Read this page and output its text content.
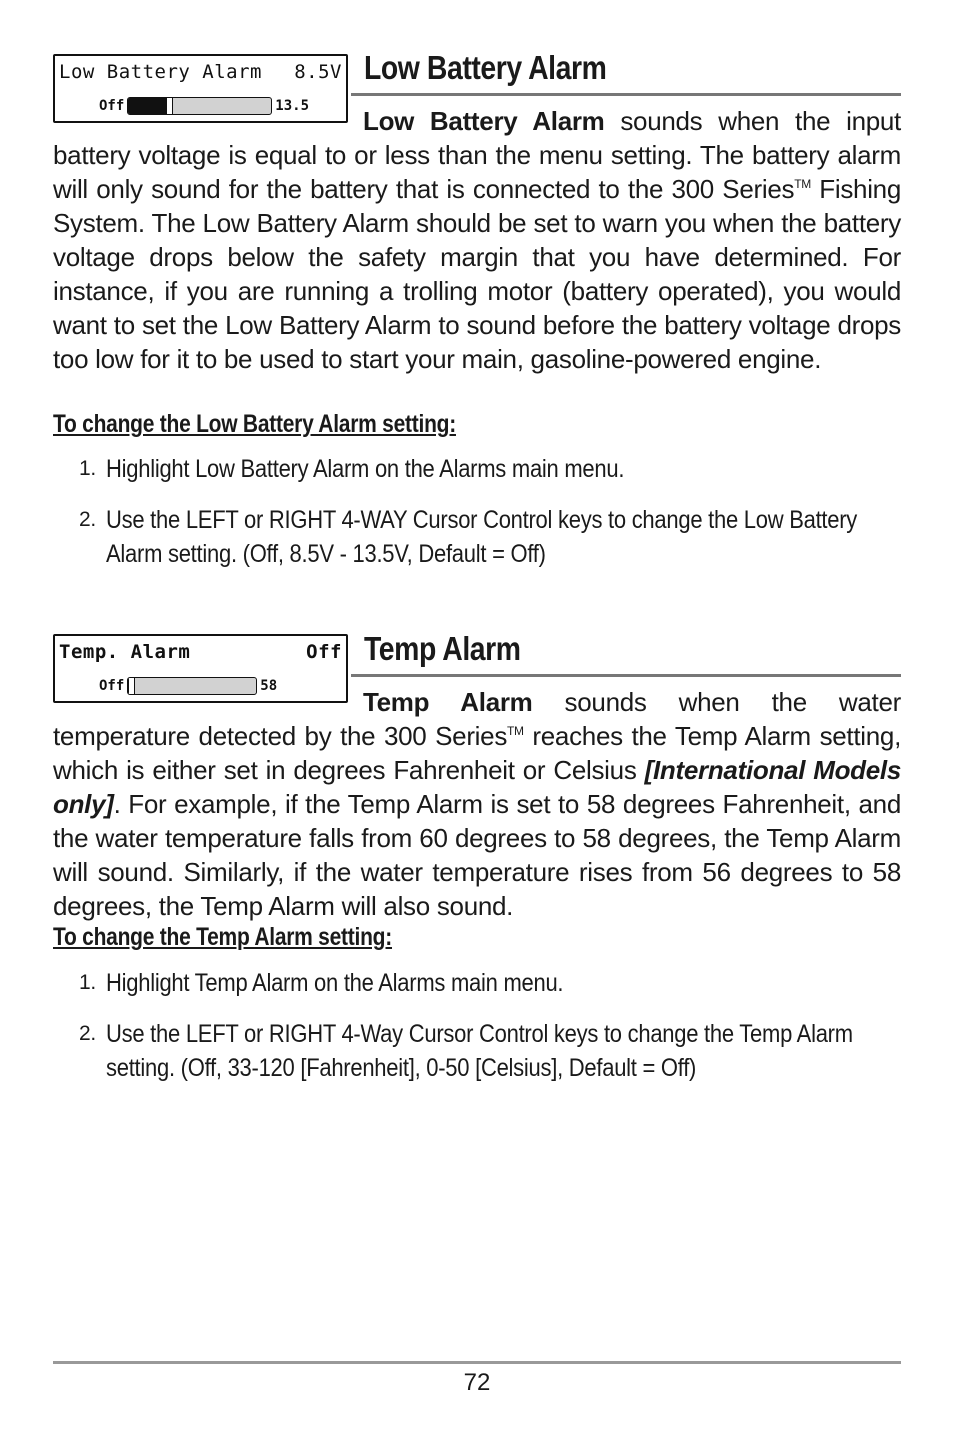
Low Battery Alarm 8.5V
Off	13.5
Low Battery Alarm

Low Battery Alarm sounds when the input battery voltage is equal to or less than the menu setting. The battery alarm will only sound for the battery that is connected to the 300 Series™ Fishing System. The Low Battery Alarm should be set to warn you when the battery voltage drops below the safety margin that you have determined. For instance, if you are running a trolling motor (battery operated), you would want to set the Low Battery Alarm to sound before the battery voltage drops too low for it to be used to start your main, gasoline-powered engine.

To change the Low Battery Alarm setting:
1. Highlight Low Battery Alarm on the Alarms main menu.
2. Use the LEFT or RIGHT 4-WAY Cursor Control keys to change the Low Battery Alarm setting. (Off, 8.5V - 13.5V, Default = Off)
Temp. Alarm	Off
Off	58
Temp Alarm

Temp Alarm sounds when the water temperature detected by the 300 Series™ reaches the Temp Alarm setting, which is either set in degrees Fahrenheit or Celsius [International Models only]. For example, if the Temp Alarm is set to 58 degrees Fahrenheit, and the water temperature falls from 60 degrees to 58 degrees, the Temp Alarm will sound. Similarly, if the water temperature rises from 56 degrees to 58 degrees, the Temp Alarm will also sound.

To change the Temp Alarm setting:
1. Highlight Temp Alarm on the Alarms main menu.
2. Use the LEFT or RIGHT 4-Way Cursor Control keys to change the Temp Alarm setting. (Off, 33-120 [Fahrenheit], 0-50 [Celsius], Default = Off)
72
